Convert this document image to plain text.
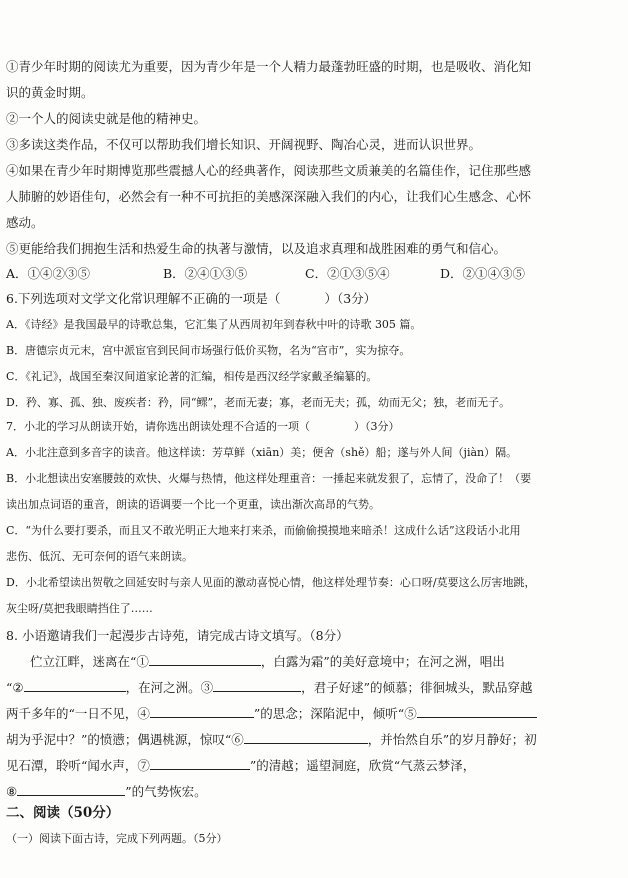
①青少年时期的阅读尤为重要，因为青少年是一个人精力最蓬勃旺盛的时期，也是吸收、消化知
识的黄金时期。
②一个人的阅读史就是他的精神史。
③多读这类作品，不仅可以帮助我们增长知识、开阔视野、陶冶心灵，进而认识世界。
④如果在青少年时期博览那些震撼人心的经典著作，阅读那些文质兼美的名篇佳作，记住那些感
人肺腑的妙语佳句，必然会有一种不可抗拒的美感深深融入我们的内心，让我们心生感念、心怀
感动。
⑤更能给我们拥抱生活和热爱生命的执著与激情，以及追求真理和战胜困难的勇气和信心。
A．①④②③⑤	B．②④①③⑤	C．②①③⑤④	D．②①④③⑤
6.下列选项对文学文化常识理解不正确的一项是（	）（3分）
A．《诗经》是我国最早的诗歌总集，它汇集了从西周初年到春秋中叶的诗歌 305 篇。
B．唐德宗贞元末，宫中派宦官到民间市场强行低价买物，名为“宫市”，实为掠夺。
C．《礼记》，战国至秦汉间道家论著的汇编，相传是西汉经学家戴圣编纂的。
D．矜、寡、孤、独、废疾者：矜，同“鳏”，老而无妻；寡，老而无夫；孤，幼而无父；独，老而无子。
7．小北的学习从朗读开始，请你选出朗读处理不合适的一项（　　　　）（3分）
A．小北注意到多音字的读音。他这样读：芳草鲜（xiān）美；便舍（shě）船；遂与外人间（jiàn）隔。
B．小北想读出安塞腰鼓的欢快、火爆与热情，他这样处理重音：一捶起来就发狠了，忘情了，没命了！（要
读出加点词语的重音，朗读的语调要一个比一个更重，读出渐次高昂的气势。
C．“为什么要打要杀，而且又不敢光明正大地来打来杀，而偷偷摸摸地来暗杀！这成什么话”这段话小北用
悲伤、低沉、无可奈何的语气来朗读。
D．小北希望读出贺敬之回延安时与亲人见面的激动喜悦心情，他这样处理节奏：心口呀/莫要这么厉害地跳，
灰尘呀/莫把我眼睛挡住了……
8. 小语邀请我们一起漫步古诗苑，请完成古诗文填写。（8分）
伫立江畔，迷离在“①	，白露为霜”的美好意境中；在河之洲，唱出
“②	，在河之洲。③	，君子好逑”的倾慕；徘徊城头，默品穿越
两千多年的“一日不见，④	”的思念；深陷泥中，倾听“⑤
胡为乎泥中？”的愤懑；偶遇桃源，惊叹“⑥	，并怡然自乐”的岁月静好；初
见石潭，聆听“闻水声，⑦	”的清越；遥望洞庭，欣赏“气蒸云梦泽，
⑧	”的气势恢宏。
二、阅读（50分）
（一）阅读下面古诗，完成下列两题。（5分）
